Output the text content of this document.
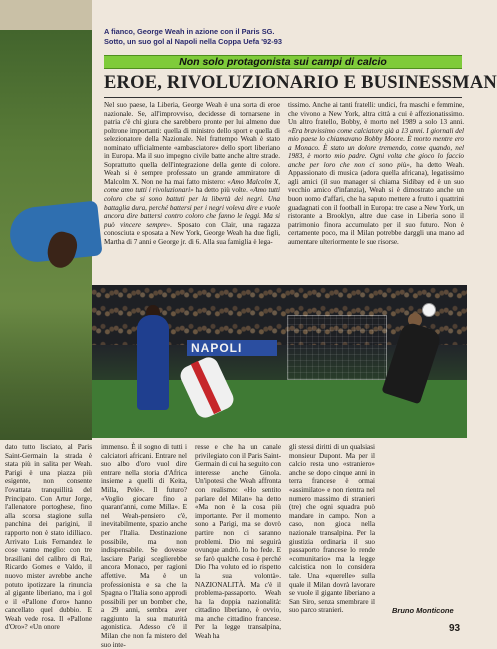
A fianco, George Weah in azione con il Paris SG.
Sotto, un suo gol al Napoli nella Coppa Uefa '92-93
Non solo protagonista sui campi di calcio
EROE, RIVOLUZIONARIO E BUSINESSMAN

Nel suo paese, la Liberia, George Weah è una sorta di eroe nazionale. Se, all'improvviso, decidesse di tornarsene in patria c'è chi giura che sarebbero pronte per lui almeno due poltrone importanti: quella di ministro dello sport e quella di selezionatore della Nazionale. Nel frattempo Weah è stato nominato ufficialmente «ambasciatore» dello sport liberiano in Europa. Ma il suo impegno civile batte anche altre strade. Soprattutto quella dell'integrazione della gente di colore. Weah si è sempre professato un grande ammiratore di Malcolm X. Non ne ha mai fatto mistero: «Amo Malcolm X, come amo tutti i rivoluzionari» ha detto più volte. «Amo tutti coloro che si sono battuti per la libertà dei negri. Una battaglia dura, perché battersi per i negri voleva dire e vuole ancora dire battersi contro coloro che fanno le leggi. Ma si può vincere sempre». Sposato con Clair, una ragazza conosciuta e sposata a New York, George Weah ha due figli, Martha di 7 anni e George jr. di 6. Alla sua famiglia è lega-

tissimo. Anche ai tanti fratelli: undici, fra maschi e femmine, che vivono a New York, altra città a cui è affezionatissimo. Un altro fratello, Bobby, è morto nel 1989 a solo 13 anni. «Era bravissimo come calciatore già a 13 anni. I giornali del mio paese lo chiamavano Bobby Moore. È morto mentre ero a Monaco. È stato un dolore tremendo, come quando, nel 1983, è morto mio padre. Ogni volta che gioco lo faccio anche per loro che non ci sono più», ha detto Weah. Appassionato di musica (adora quella africana), legatissimo agli amici (il suo manager si chiama Sidibay ed è un suo vecchio amico d'infanzia), Weah si è dimostrato anche un buon uomo d'affari, che ha saputo mettere a frutto i quattrini guadagnati con il football in Europa: tre case a New York, un ristorante a Brooklyn, altre due case in Liberia sono il patrimonio finora accumulato per il suo futuro. Non è certamente poco, ma il Milan potrebbe darggli una mano ad aumentare ulteriormente le sue risorse.

NAPOLI
dato tutto lisciato, al Paris Saint-Germain la strada è stata più in salita per Weah. Parigi è una piazza più esigente, non consente l'ovattata tranquillità del Principato. Con Artur Jorge, l'allenatore portoghese, fino alla scorsa stagione sulla panchina dei parigini, il rapporto non è stato idilliaco. Arrivato Luis Fernandez le cose vanno meglio: con tre brasiliani del calibro di Raì, Ricardo Gomes e Valdo, il nuovo mister avrebbe anche potuto ipotizzare la rinuncia al gigante liberiano, ma i gol e il «Pallone d'oro» hanno cancellato quel dubbio. E Weah vede rosa. Il «Pallone d'Oro»? «Un onore
immenso. È il sogno di tutti i calciatori africani. Entrare nel suo albo d'oro vuol dire entrare nella storia d'Africa insieme a quelli di Keita, Milla, Pelé». Il futuro? «Voglio giocare fino a quarant'anni, come Milla». E nel Weah-pensiero c'è, inevitabilmente, spazio anche per l'Italia. Destinazione possibile, ma non indispensabile. Se dovesse lasciare Parigi sceglierebbe ancora Monaco, per ragioni affettive. Ma è un professionista e sa che la Spagna o l'Italia sono approdi possibili per un bomber che, a 29 anni, sembra aver raggiunto la sua maturità agonistica. Adesso c'è il Milan che non fa mistero del suo inte-
resse e che ha un canale privilegiato con il Paris Saint-Germain di cui ha seguito con interesse anche Ginola. Un'ipotesi che Weah affronta con realismo: «Ho sentito parlare del Milan» ha detto «Ma non è la cosa più importante. Per il momento sono a Parigi, ma se dovrò partire non ci saranno problemi. Dio mi seguirà ovunque andrò. Io ho fede. E se farò qualche cosa è perché Dio l'ha voluto ed io rispetto la sua volontà». NAZIONALITÀ. Ma c'è il problema-passaporto. Weah ha la doppia nazionalità: cittadino liberiano, è ovvio, ma anche cittadino francese. Per la legge transalpina, Weah ha
gli stessi diritti di un qualsiasi monsieur Dupont. Ma per il calcio resta uno «straniero» anche se dopo cinque anni in terra francese è ormai «assimilato» e non rientra nel numero massimo di stranieri (tre) che ogni squadra può mandare in campo. Non a caso, non gioca nella nazionale transalpina. Per la giustizia ordinaria il suo passaporto francese lo rende «comunitario» ma la legge calcistica non lo considera tale. Una «querelle» sulla quale il Milan dovrà lavorare se vuole il gigante liberiano a San Siro, senza smembrare il suo parco stranieri.	Bruno Monticone
93
